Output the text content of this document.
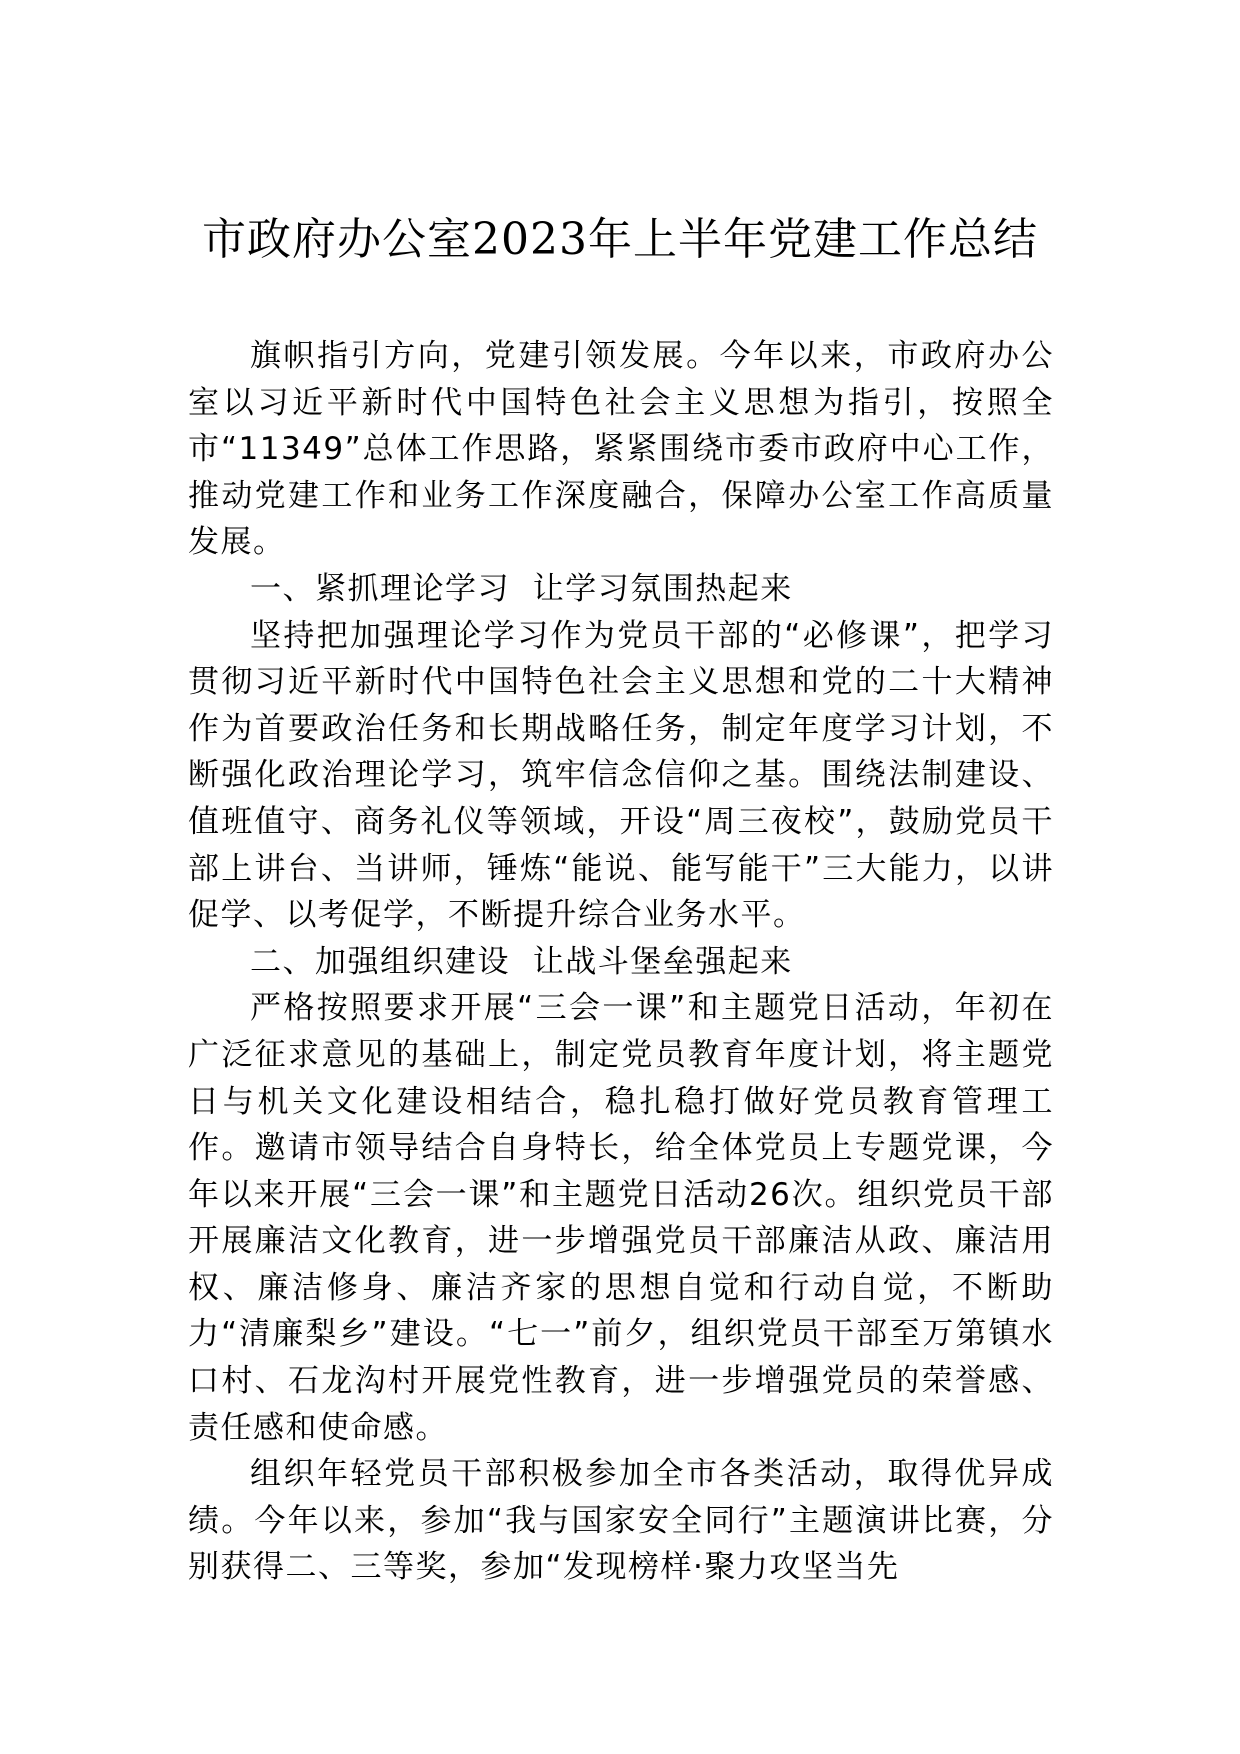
市政府办公室2023年上半年党建工作总结

旗帜指引方向，党建引领发展。今年以来，市政府办公室以习近平新时代中国特色社会主义思想为指引，按照全市“11349”总体工作思路，紧紧围绕市委市政府中心工作，推动党建工作和业务工作深度融合，保障办公室工作高质量发展。

一、紧抓理论学习  让学习氛围热起来

坚持把加强理论学习作为党员干部的“必修课”，把学习贯彻习近平新时代中国特色社会主义思想和党的二十大精神作为首要政治任务和长期战略任务，制定年度学习计划，不断强化政治理论学习，筑牢信念信仰之基。围绕法制建设、值班值守、商务礼仪等领域，开设“周三夜校”，鼓励党员干部上讲台、当讲师，锤炼“能说、能写能干”三大能力，以讲促学、以考促学，不断提升综合业务水平。

二、加强组织建设  让战斗堡垒强起来

严格按照要求开展“三会一课”和主题党日活动，年初在广泛征求意见的基础上，制定党员教育年度计划，将主题党日与机关文化建设相结合，稳扎稳打做好党员教育管理工作。邀请市领导结合自身特长，给全体党员上专题党课，今年以来开展“三会一课”和主题党日活动26次。组织党员干部开展廉洁文化教育，进一步增强党员干部廉洁从政、廉洁用权、廉洁修身、廉洁齐家的思想自觉和行动自觉，不断助力“清廉梨乡”建设。“七一”前夕，组织党员干部至万第镇水口村、石龙沟村开展党性教育，进一步增强党员的荣誉感、责任感和使命感。

组织年轻党员干部积极参加全市各类活动，取得优异成绩。今年以来，参加“我与国家安全同行”主题演讲比赛，分别获得二、三等奖，参加“发现榜样·聚力攻坚当先
